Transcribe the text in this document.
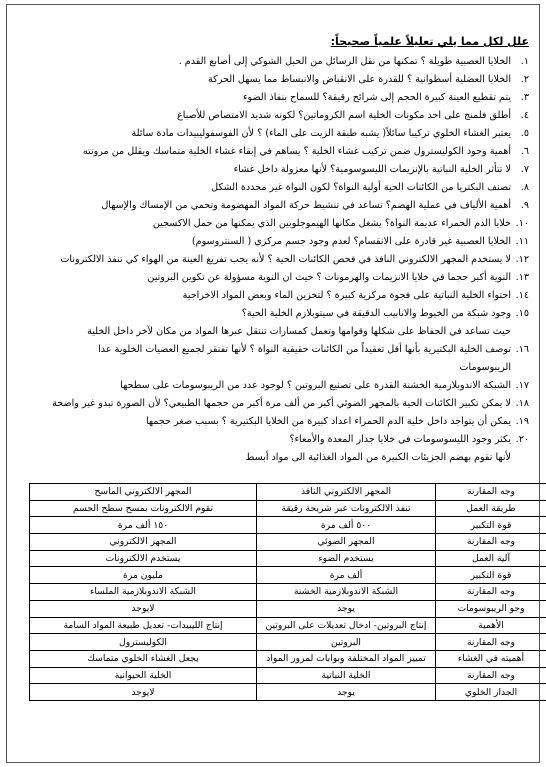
علل لكل مما يلي تعليلاً علمياً صحيحاً:
١.الخلايا العصبية طويلة ؟ تمكنها من نقل الرسائل من الحبل الشوكي إلى أصابع القدم .
٢.الخلايا العضلية أسطوانية ؟ للقدرة على الانقباض والانبساط مما يسهل الحركة
٣.يتم تقطيع العينة كبيرة الحجم إلى شرائح رقيقة؟ للسماح بنفاذ الضوء
٤.أطلق فلمنج على احد مكونات الخلية اسم الكروماتين؟ لكونه شديد الامتصاص للأصباغ
٥.يعتبر الغشاء الخلوي تركيبا سائلاً( يشبه طبقة الزيت على الماء) ؟ لأن الفوسفوليبيدات مادة سائلة
٦.أهمية وجود الكوليسترول ضمن تركيب غشاء الخلية ؟ يساهم في إبقاء غشاء الخلية متماسك ويقلل من مرونته
٧.لا تتأثر الخلية النباتية بالإنزيمات الليسوسومية؟ لأنها معزولة داخل غشاء
٨.تصنف البكتريا من الكائنات الحية أولية النواة؟ لكون النواة غير محددة الشكل
٩.أهمية الألياف في عملية الهضم؟ تساعد في تنشيط حركة المواد المهضومة وتحمي من الإمساك والإسهال
١٠.خلايا الدم الحمراء عديمة النواة؟ يشغل مكانها الهيموجلوبين الذي يمكنها من حمل الاكسجين
١١.الخلايا العصبية غير قادرة على الانقسام؟ لعدم وجود جسم مركزي ( السنتروسوم)
١٢.لا يستخدم المجهر الالكتروني النافذ في فحص الكائنات الحية ؟ لأنه يجب تفريغ العينة من الهواء كي تنفذ الالكترونات
١٣.النوية أكبر حجما في خلايا الانزيمات والهرمونات ؟ حيث ان النوية مسؤولة عن تكوين البروتين
١٤.احتواء الخلية النباتية على فجوة مركزية كبيرة ؟ لتخزين الماء وبعض المواد الاخراجية
١٥.وجود شبكة من الخيوط والانابيب الدقيقة في سيتوبلازم الخلية الحية؟
حيث تساعد في الحفاظ على شكلها وقوامها وتعمل كمسارات تنتقل عبرها المواد من مكان لآخر داخل الخلية
١٦.توصف الخلية البكتيرية بأنها أقل تعقيداً من الكائنات حقيقية النواة ؟ لأنها تفتقر لجميع العضيات الخلوية عدا
الريبوسومات
١٧.الشبكة الاندوبلازمية الخشنة القدرة على تصنيع البروتين ؟ لوجود عدد من الريبوسومات على سطحها
١٨.لا يمكن تكبير الكائنات الحية بالمجهر الضوئي أكبر من ألف مرة أكبر من حجمها الطبيعي؟ لأن الصورة تبدو غير واضحة
١٩.يمكن أن يتواجد داخل خلية الدم الحمراء اعداد كبيرة من الخلايا البكتيرية ؟ بسبب صغر حجمها
٢٠.يكثر وجود الليسوسومات في خلايا جدار المعدة والأمعاء؟
لأنها تقوم بهضم الجزيئات الكبيرة من المواد الغذائية الى مواد أبسط
وجه المقارنة	المجهر الالكتروني النافذ	المجهر الالكتروني الماسح
طريقة العمل	تنفذ الالكترونات عبر شريحة رقيقة	تقوم الالكترونات بمسح سطح الجسم
قوة التكبير	٥٠٠ ألف مرة	١٥٠ ألف مرة
وجه المقارنة	المجهر الضوئي	المجهر الالكتروني
آلية العمل	يستخدم الضوء	يستخدم الالكترونات
قوة التكبير	ألف مرة	مليون مرة
وجه المقارنة	الشبكة الاندوبلازمية الخشنة	الشبكة الاندوبلازمية الملساء
وجو الريبوسومات	يوجد	لايوجد
الأهمية	إنتاج البروتين- ادخال تعديلات على البروتين	إنتاج الليبيدات- تعديل طبيعة المواد السامة
وجه المقارنة	البروتين	الكوليسترول
أهميته في الغشاء	تمييز المواد المختلفة وبوابات لمرور المواد	يجعل الغشاء الخلوي متماسك
وجه المقارنة	الخلية النباتية	الخلية الحيوانية
الجدار الخلوي	يوجد	لايوجد
